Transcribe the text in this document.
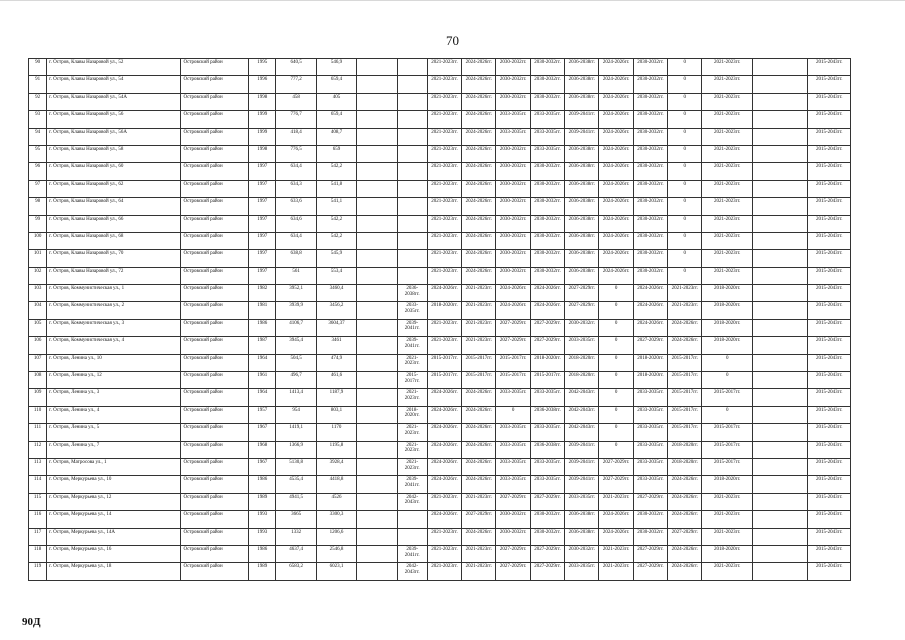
70
90	г. Остров, Клавы Назаровой ул., 52	Островский район	1995	640,5	546,9			2021-2023гг.	2024-2026гг.	2030-2032гг.	2030-2032гг.	2036-2038гг.	2024-2026гг.	2030-2032гг.	0	2021-2023гг.		2015-2043гг.
91	г. Остров, Клавы Назаровой ул., 54	Островский район	1996	777,2	659,4			2021-2023гг.	2024-2026гг.	2030-2032гг.	2030-2032гг.	2036-2038гг.	2024-2026гг.	2030-2032гг.	0	2021-2023гг.		2015-2043гг.
92	г. Остров, Клавы Назаровой ул., 54А	Островский район	1998	458	405			2021-2023гг.	2024-2026гг.	2030-2032гг.	2030-2032гг.	2036-2038гг.	2024-2026гг.	2030-2032гг.	0	2021-2023гг.		2015-2043гг.
93	г. Остров, Клавы Назаровой ул., 56	Островский район	1999	776,7	659,4			2021-2023гг.	2024-2026гг.	2033-2035гг.	2033-2035гг.	2039-2041гг.	2024-2026гг.	2030-2032гг.	0	2021-2023гг.		2015-2043гг.
94	г. Остров, Клавы Назаровой ул., 56А	Островский район	1999	418,4	408,7			2021-2023гг.	2024-2026гг.	2033-2035гг.	2033-2035гг.	2039-2041гг.	2024-2026гг.	2030-2032гг.	0	2021-2023гг.		2015-2043гг.
95	г. Остров, Клавы Назаровой ул., 58	Островский район	1998	776,5	659			2021-2023гг.	2024-2026гг.	2030-2032гг.	2033-2035гг.	2036-2038гг.	2024-2026гг.	2030-2032гг.	0	2021-2023гг.		2015-2043гг.
96	г. Остров, Клавы Назаровой ул., 60	Островский район	1997	634,4	542,2			2021-2023гг.	2024-2026гг.	2030-2032гг.	2030-2032гг.	2036-2038гг.	2024-2026гг.	2030-2032гг.	0	2021-2023гг.		2015-2043гг.
97	г. Остров, Клавы Назаровой ул., 62	Островский район	1997	634,3	541,8			2021-2023гг.	2024-2026гг.	2030-2032гг.	2030-2032гг.	2036-2038гг.	2024-2026гг.	2030-2032гг.	0	2021-2023гг.		2015-2043гг.
98	г. Остров, Клавы Назаровой ул., 64	Островский район	1997	633,6	541,1			2021-2023гг.	2024-2026гг.	2030-2032гг.	2030-2032гг.	2036-2038гг.	2024-2026гг.	2030-2032гг.	0	2021-2023гг.		2015-2043гг.
99	г. Остров, Клавы Назаровой ул., 66	Островский район	1997	634,6	542,2			2021-2023гг.	2024-2026гг.	2030-2032гг.	2030-2032гг.	2036-2038гг.	2024-2026гг.	2030-2032гг.	0	2021-2023гг.		2015-2043гг.
100	г. Остров, Клавы Назаровой ул., 68	Островский район	1997	634,4	542,2			2021-2023гг.	2024-2026гг.	2030-2032гг.	2030-2032гг.	2036-2038гг.	2024-2026гг.	2030-2032гг.	0	2021-2023гг.		2015-2043гг.
101	г. Остров, Клавы Назаровой ул., 70	Островский район	1997	638,8	545,9			2021-2023гг.	2024-2026гг.	2030-2032гг.	2030-2032гг.	2036-2038гг.	2024-2026гг.	2030-2032гг.	0	2021-2023гг.		2015-2043гг.
102	г. Остров, Клавы Назаровой ул., 72	Островский район	1997	561	553,4			2021-2023гг.	2024-2026гг.	2030-2032гг.	2030-2032гг.	2036-2038гг.	2024-2026гг.	2030-2032гг.	0	2021-2023гг.		2015-2043гг.
103	г. Остров, Коммунистическая ул., 1	Островский район	1982	3952,1	3460,4		2036-2038гг.	2024-2026гг.	2021-2023гг.	2024-2026гг.	2024-2026гг.	2027-2029гг.	0	2024-2026гг.	2021-2023гг.	2018-2020гг.		2015-2043гг.
104	г. Остров, Коммунистическая ул., 2	Островский район	1981	3939,9	3456,2		2033-2035гг.	2018-2020гг.	2021-2023гг.	2024-2026гг.	2024-2026гг.	2027-2029гг.	0	2024-2026гг.	2021-2023гг.	2018-2020гг.		2015-2043гг.
105	г. Остров, Коммунистическая ул., 3	Островский район	1986	4106,7	3604,37		2039-2041гг.	2021-2023гг.	2021-2023гг.	2027-2029гг.	2027-2029гг.	2030-2032гг.	0	2024-2026гг.	2024-2026гг.	2018-2020гг.		2015-2043гг.
106	г. Остров, Коммунистическая ул., 4	Островский район	1987	3945,4	3461		2039-2041гг.	2021-2023гг.	2021-2023гг.	2027-2029гг.	2027-2029гг.	2033-2035гг.	0	2027-2029гг.	2024-2026гг.	2018-2020гг.		2015-2043гг.
107	г. Остров, Ленина ул., 10	Островский район	1964	504,5	474,9		2021-2023гг.	2015-2017гг.	2015-2017гг.	2015-2017гг.	2018-2020гг.	2018-2020гг.	0	2018-2020гг.	2015-2017гг.	0		2015-2043гг.
108	г. Остров, Ленина ул., 12	Островский район	1961	496,7	461,6		2015-2017гг.	2015-2017гг.	2015-2017гг.	2015-2017гг.	2015-2017гг.	2018-2020гг.	0	2018-2020гг.	2015-2017гг.	0		2015-2043гг.
109	г. Остров, Ленина ул., 3	Островский район	1964	1413,4	1187,9		2021-2023гг.	2024-2026гг.	2024-2026гг.	2033-2035гг.	2033-2035гг.	2042-2043гг.	0	2033-2035гг.	2015-2017гг.	2015-2017гг.		2015-2043гг.
110	г. Остров, Ленина ул., 4	Островский район	1957	954	803,1		2018-2020гг.	2024-2026гг.	2024-2026гг.	0	2036-2038гг.	2042-2043гг.	0	2033-2035гг.	2015-2017гг.	0		2015-2043гг.
111	г. Остров, Ленина ул., 5	Островский район	1967	1419,1	1170		2021-2023гг.	2024-2026гг.	2024-2026гг.	2033-2035гг.	2033-2035гг.	2042-2043гг.	0	2033-2035гг.	2015-2017гг.	2015-2017гг.		2015-2043гг.
112	г. Остров, Ленина ул., 7	Островский район	1968	1366,9	1195,8		2021-2023гг.	2024-2026гг.	2024-2026гг.	2033-2035гг.	2036-2038гг.	2039-2041гг.	0	2033-2035гг.	2018-2020гг.	2015-2017гг.		2015-2043гг.
113	г. Остров, Матросова ул., 1	Островский район	1967	5130,8	3928,4		2021-2023гг.	2024-2026гг.	2024-2026гг.	2033-2035гг.	2033-2035гг.	2039-2041гг.	2027-2029гг.	2033-2035гг.	2018-2020гг.	2015-2017гг.		2015-2043гг.
114	г. Остров, Меркурьева ул., 10	Островский район	1986	4535,4	4418,8		2039-2041гг.	2024-2026гг.	2024-2026гг.	2033-2035гг.	2033-2035гг.	2039-2041гг.	2027-2029гг.	2033-2035гг.	2024-2026гг.	2018-2020гг.		2015-2043гг.
115	г. Остров, Меркурьева ул., 12	Островский район	1989	4941,5	4526		2042-2043гг.	2021-2023гг.	2021-2023гг.	2027-2029гг.	2027-2029гг.	2033-2035гг.	2021-2023гг.	2027-2029гг.	2024-2026гг.	2021-2023гг.		2015-2043гг.
116	г. Остров, Меркурьева ул., 14	Островский район	1993	3665	3300,3			2024-2026гг.	2027-2029гг.	2030-2032гг.	2030-2032гг.	2036-2038гг.	2024-2026гг.	2030-2032гг.	2024-2026гг.	2021-2023гг.		2015-2043гг.
117	г. Остров, Меркурьева ул., 14А	Островский район	1993	1332	1206,6			2021-2023гг.	2024-2026гг.	2030-2032гг.	2030-2032гг.	2036-2038гг.	2024-2026гг.	2030-2032гг.	2027-2029гг.	2021-2023гг.		2015-2043гг.
118	г. Остров, Меркурьева ул., 16	Островский район	1986	4637,4	2546,8		2039-2041гг.	2021-2023гг.	2021-2023гг.	2027-2029гг.	2027-2029гг.	2030-2032гг.	2021-2023гг.	2027-2029гг.	2024-2026гг.	2018-2020гг.		2015-2043гг.
119	г. Остров, Меркурьева ул., 18	Островский район	1989	6583,2	6023,1		2042-2043гг.	2021-2023гг.	2021-2023гг.	2027-2029гг.	2027-2029гг.	2033-2035гг.	2021-2023гг.	2027-2029гг.	2024-2026гг.	2021-2023гг.		2015-2043гг.
90Д
